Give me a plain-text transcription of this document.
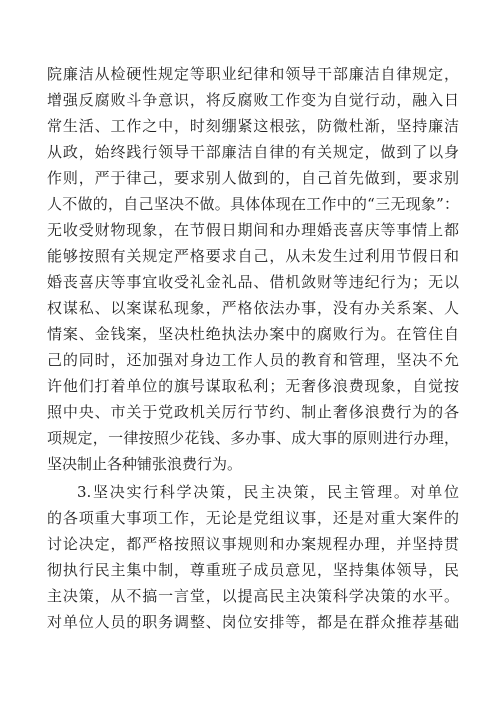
院廉洁从检硬性规定等职业纪律和领导干部廉洁自律规定，
增强反腐败斗争意识，将反腐败工作变为自觉行动，融入日
常生活、工作之中，时刻绷紧这根弦，防微杜渐，坚持廉洁
从政，始终践行领导干部廉洁自律的有关规定，做到了以身
作则，严于律己，要求别人做到的，自己首先做到，要求别
人不做的，自己坚决不做。具体体现在工作中的“三无现象”：
无收受财物现象，在节假日期间和办理婚丧喜庆等事情上都
能够按照有关规定严格要求自己，从未发生过利用节假日和
婚丧喜庆等事宜收受礼金礼品、借机敛财等违纪行为；无以
权谋私、以案谋私现象，严格依法办事，没有办关系案、人
情案、金钱案，坚决杜绝执法办案中的腐败行为。在管住自
己的同时，还加强对身边工作人员的教育和管理，坚决不允
许他们打着单位的旗号谋取私利；无奢侈浪费现象，自觉按
照中央、市关于党政机关厉行节约、制止奢侈浪费行为的各
项规定，一律按照少花钱、多办事、成大事的原则进行办理，
坚决制止各种铺张浪费行为。
3.坚决实行科学决策，民主决策，民主管理。对单位
的各项重大事项工作，无论是党组议事，还是对重大案件的
讨论决定，都严格按照议事规则和办案规程办理，并坚持贯
彻执行民主集中制，尊重班子成员意见，坚持集体领导，民
主决策，从不搞一言堂，以提高民主决策科学决策的水平。
对单位人员的职务调整、岗位安排等，都是在群众推荐基础
